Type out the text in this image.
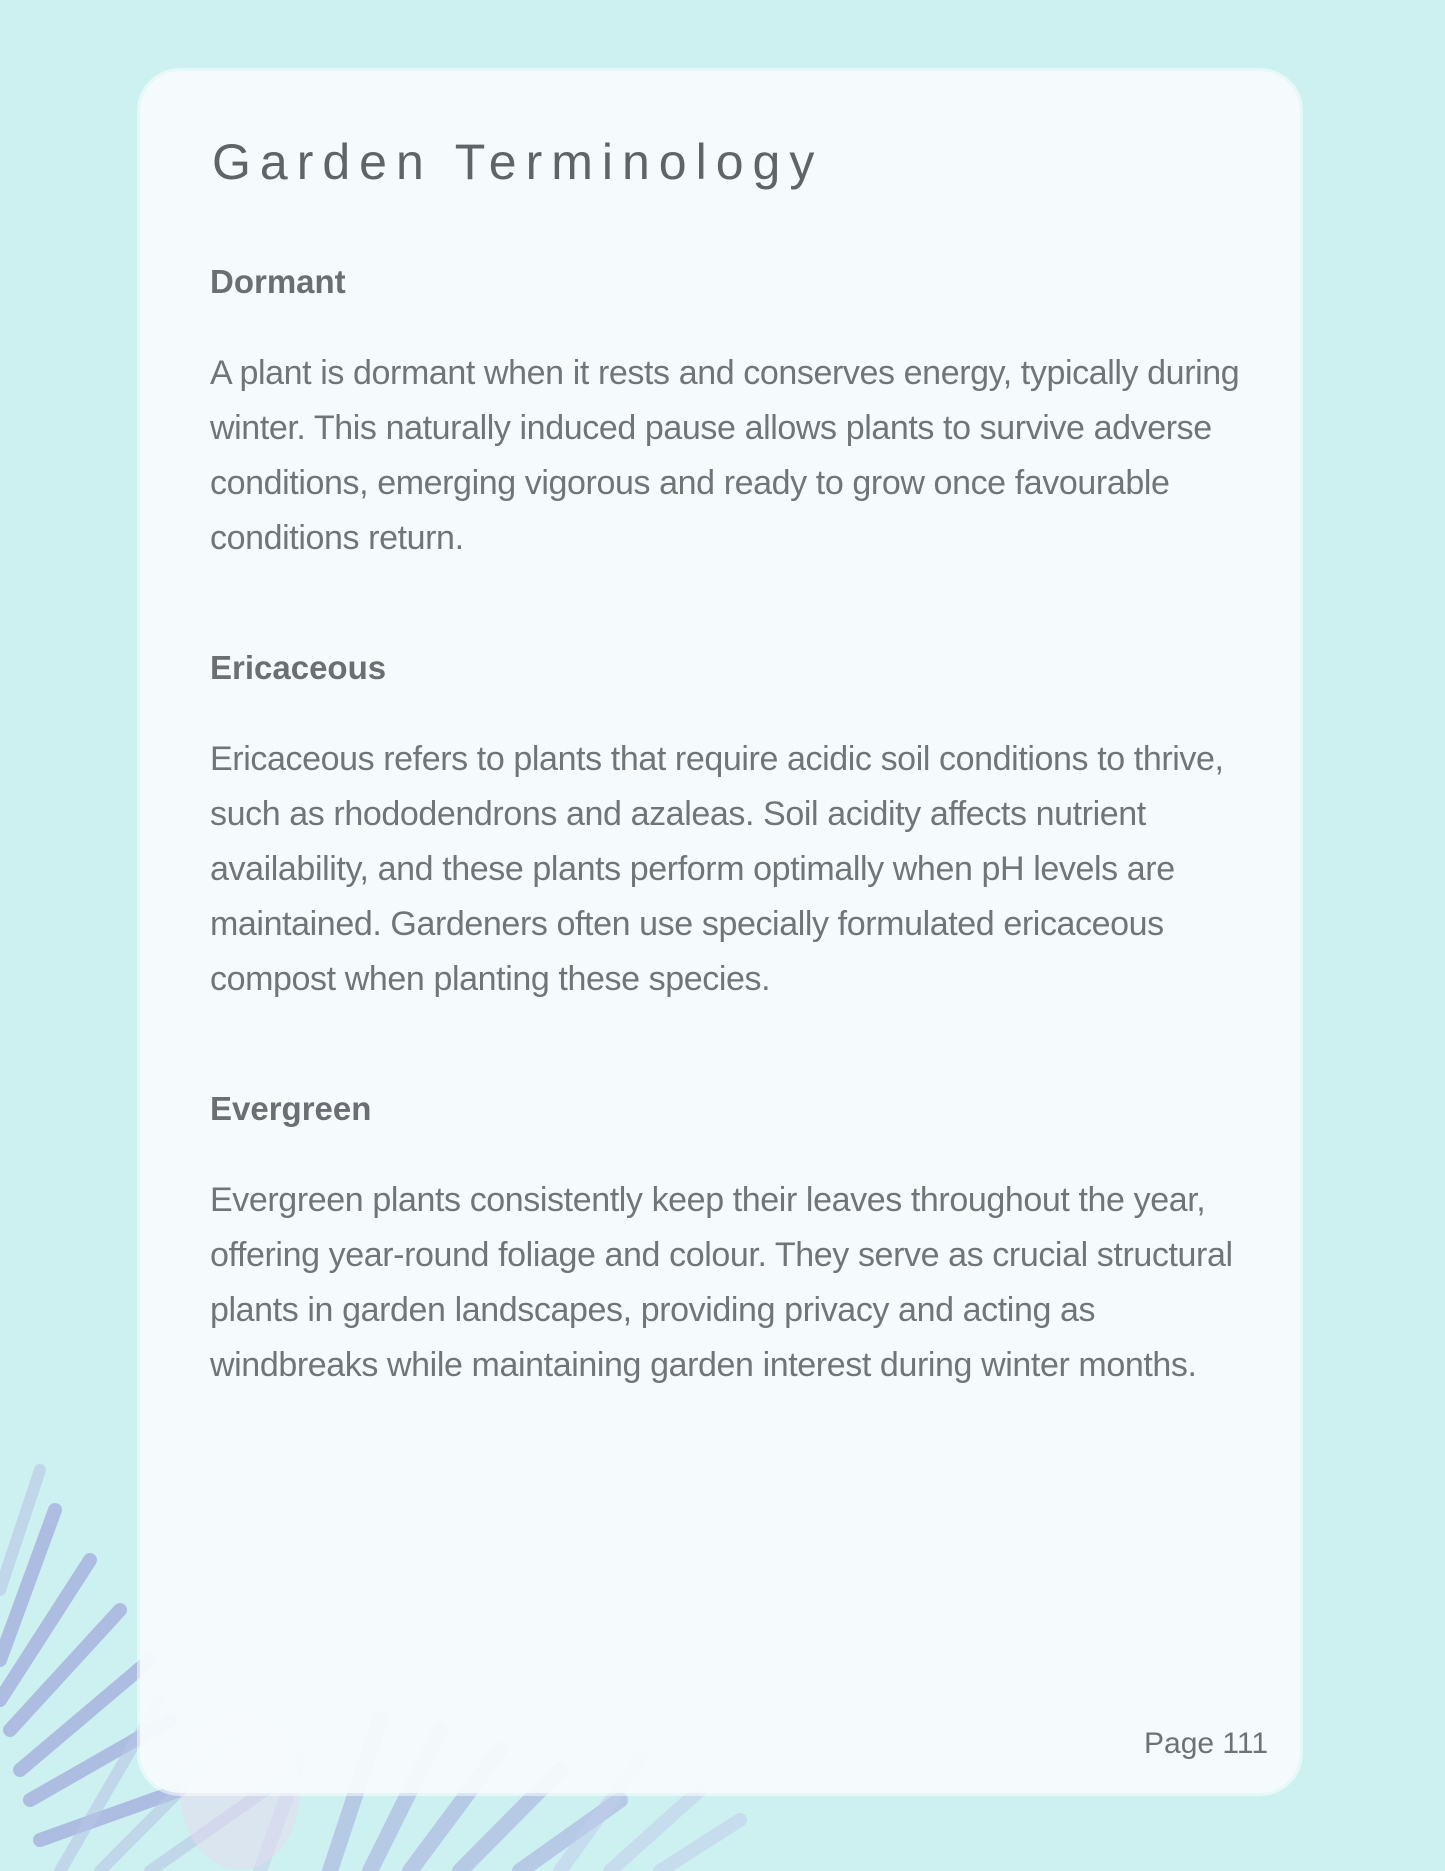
Garden Terminology
Dormant

A plant is dormant when it rests and conserves energy, typically during winter. This naturally induced pause allows plants to survive adverse conditions, emerging vigorous and ready to grow once favourable conditions return.

Ericaceous

Ericaceous refers to plants that require acidic soil conditions to thrive, such as rhododendrons and azaleas. Soil acidity affects nutrient availability, and these plants perform optimally when pH levels are maintained. Gardeners often use specially formulated ericaceous compost when planting these species.

Evergreen

Evergreen plants consistently keep their leaves throughout the year, offering year-round foliage and colour. They serve as crucial structural plants in garden landscapes, providing privacy and acting as windbreaks while maintaining garden interest during winter months.

Page 111
